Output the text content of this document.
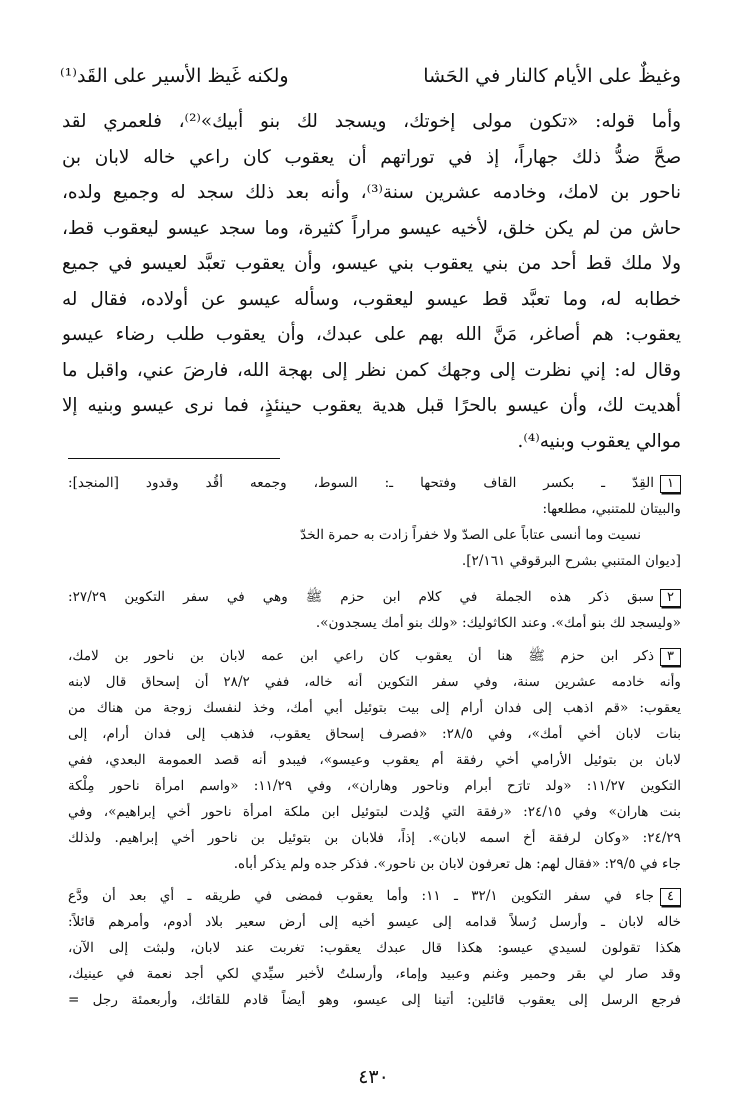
وغيظٌ على الأيام كالنار في الحَشا
ولكنه غَيظ الأسير على القَد⁽¹⁾
وأما قوله: «تكون مولى إخوتك، ويسجد لك بنو أبيك»⁽²⁾، فلعمري لقد
صحَّ ضدُّ ذلك جهاراً، إذ في توراتهم أن يعقوب كان راعي خاله لابان بن
ناحور بن لامك، وخادمه عشرين سنة⁽³⁾، وأنه بعد ذلك سجد له وجميع ولده،
حاش من لم يكن خلق، لأخيه عيسو مراراً كثيرة، وما سجد عيسو ليعقوب قط،
ولا ملك قط أحد من بني يعقوب بني عيسو، وأن يعقوب تعبَّد لعيسو في جميع
خطابه له، وما تعبَّد قط عيسو ليعقوب، وسأله عيسو عن أولاده، فقال له
يعقوب: هم أصاغر، مَنَّ الله بهم على عبدك، وأن يعقوب طلب رضاء عيسو
وقال له: إني نظرت إلى وجهك كمن نظر إلى بهجة الله، فارضَ عني، واقبل ما
أهديت لك، وأن عيسو بالحرًا قبل هدية يعقوب حينئذٍ، فما نرى عيسو وبنيه إلا
موالي يعقوب وبنيه⁽⁴⁾.
١القِدّ ـ بكسر القاف وفتحها ـ: السوط، وجمعه أقُد وقدود [المنجد]:
والبيتان للمتنبي، مطلعها:
نسيت وما أنسى عتاباً على الصدّ ولا خفراً زادت به حمرة الخدّ
[ديوان المتنبي بشرح البرقوقي ٢/١٦١].
٢سبق ذكر هذه الجملة في كلام ابن حزم ﷺ وهي في سفر التكوين ٢٧/٢٩:
«وليسجد لك بنو أمك». وعند الكاثوليك: «ولك بنو أمك يسجدون».
٣ذكر ابن حزم ﷺ هنا أن يعقوب كان راعي ابن عمه لابان بن ناحور بن لامك،
وأنه خادمه عشرين سنة، وفي سفر التكوين أنه خاله، ففي ٢٨/٢ أن إسحاق قال لابنه
يعقوب: «قم اذهب إلى فدان أرام إلى بيت بتوئيل أبي أمك، وخذ لنفسك زوجة من هناك من
بنات لابان أخي أمك»، وفي ٢٨/٥: «فصرف إسحاق يعقوب، فذهب إلى فدان أرام، إلى
لابان بن بتوئيل الأرامي أخي رفقة أم يعقوب وعيسو»، فيبدو أنه قصد العمومة البعدي، ففي
التكوين ١١/٢٧: «ولد تارَح أبرام وناحور وهاران»، وفي ١١/٢٩: «واسم امرأة ناحور مِلْكة
بنت هاران» وفي ٢٤/١٥: «رفقة التي وُلِدت لبتوئيل ابن ملكة امرأة ناحور أخي إبراهيم»، وفي
٢٤/٢٩: «وكان لرفقة أخ اسمه لابان». إذاً، فلابان بن بتوئيل بن ناحور أخي إبراهيم. ولذلك
جاء في ٢٩/٥: «فقال لهم: هل تعرفون لابان بن ناحور». فذكر جده ولم يذكر أباه.
٤جاء في سفر التكوين ٣٢/١ ـ ١١: وأما يعقوب فمضى في طريقه ـ أي بعد أن ودَّع
خاله لابان ـ وأرسل رُسلاً قدامه إلى عيسو أخيه إلى أرض سعير بلاد أدوم، وأمرهم قائلاً:
هكذا تقولون لسيدي عيسو: هكذا قال عبدك يعقوب: تغربت عند لابان، ولبثت إلى الآن،
وقد صار لي بقر وحمير وغنم وعبيد وإماء، وأرسلتُ لأخبر سيِّدي لكي أجد نعمة في عينيك،
فرجع الرسل إلى يعقوب قائلين: أتينا إلى عيسو، وهو أيضاً قادم للقائك، وأربعمئة رجل =
٤٣٠
